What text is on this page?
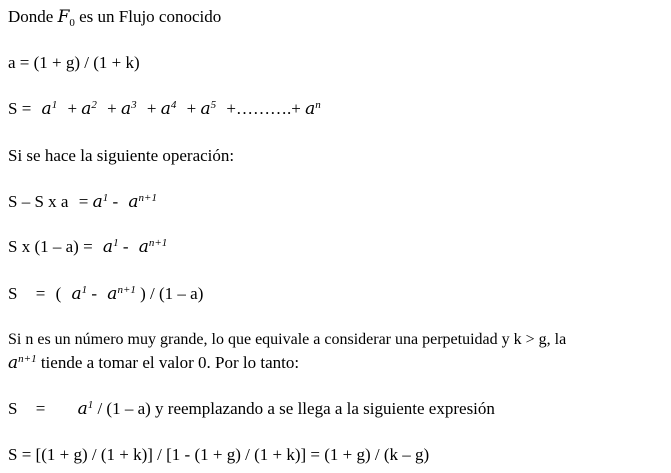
Donde $F_0$ es un Flujo conocido
a = (1 + g) / (1 + k)
$S = a^1 + a^2 + a^3 + a^4 + a^5$ +……….+ $a^n$
Si se hace la siguiente operación:
S – S x $a = a^1 - a^{n+1}$
S x $(1 - a) = a^1 - a^{n+1}$
S = ( $a^1 - a^{n+1}$ ) / (1 – a)
Si n es un número muy grande, lo que equivale a considerar una perpetuidad y k > g, la
$a^{n+1}$ tiende a tomar el valor 0. Por lo tanto:
$S = a^1 / (1 - a)$ y reemplazando a se llega a la siguiente expresión
S = [(1 + g) / (1 + k)] / [1 - (1 + g) / (1 + k)] = (1 + g) / (k – g)
